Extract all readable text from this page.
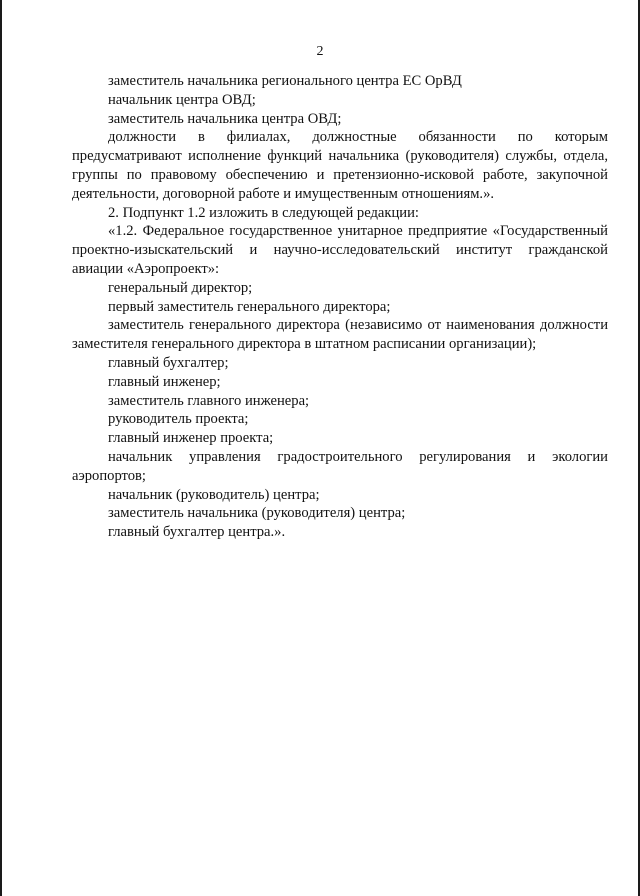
2

заместитель начальника регионального центра ЕС ОрВД

начальник центра ОВД;

заместитель начальника центра ОВД;

должности в филиалах, должностные обязанности по которым предусматривают исполнение функций начальника (руководителя) службы, отдела, группы по правовому обеспечению и претензионно-исковой работе, закупочной деятельности, договорной работе и имущественным отношениям.».

2. Подпункт 1.2 изложить в следующей редакции:

«1.2. Федеральное государственное унитарное предприятие «Государственный проектно-изыскательский и научно-исследовательский институт гражданской авиации «Аэропроект»:

генеральный директор;

первый заместитель генерального директора;

заместитель генерального директора (независимо от наименования должности заместителя генерального директора в штатном расписании организации);

главный бухгалтер;

главный инженер;

заместитель главного инженера;

руководитель проекта;

главный инженер проекта;

начальник управления градостроительного регулирования и экологии аэропортов;

начальник (руководитель) центра;

заместитель начальника (руководителя) центра;

главный бухгалтер центра.».
